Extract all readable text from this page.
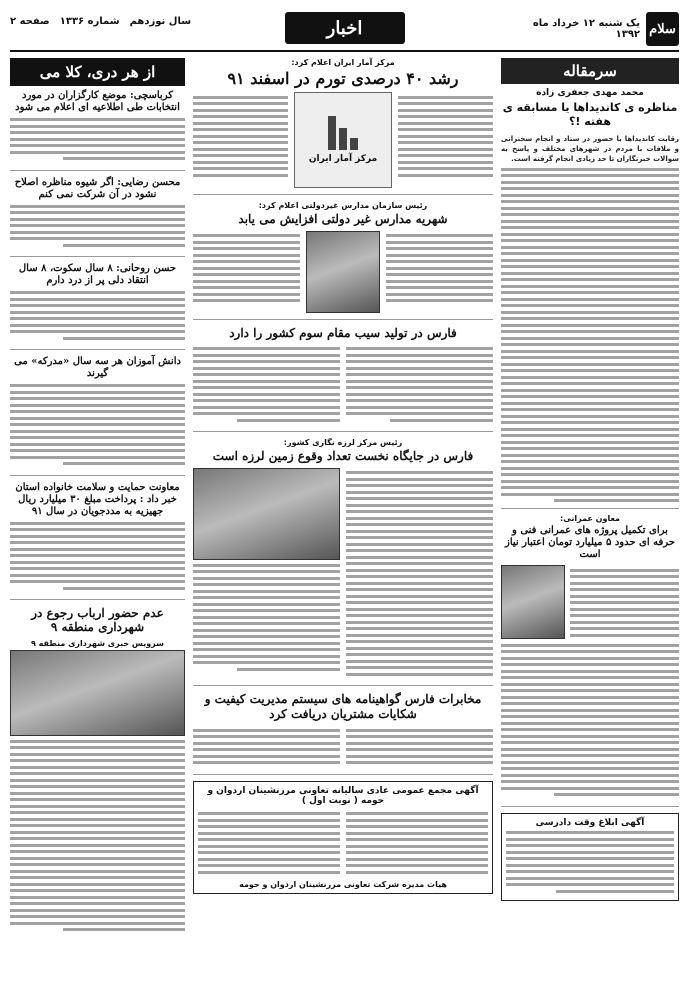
سلام
یک شنبه ۱۲ خرداد ماه ۱۳۹۲
اخبار
سال نوزدهم
شماره ۱۳۳۶
صفحه ۲
سرمقاله
محمد مهدی جعفری زاده
مناظره ی کاندیداها یا مسابقه ی هفته !؟

رقابت کاندیداها با حضور در ستاد و انجام سخنرانی و ملاقات با مردم در شهرهای مختلف و پاسخ به سوالات خبرنگاران تا حد زیادی انجام گرفته است.

معاون عمرانی:
برای تکمیل پروژه های عمرانی فنی و حرفه ای حدود ۵ میلیارد تومان اعتبار نیاز است
آگهی ابلاغ وقت دادرسی
مرکز آمار ایران اعلام کرد:
رشد ۴۰ درصدی تورم در اسفند ۹۱
مرکز آمار ایران
رئیس سازمان مدارس غیردولتی اعلام کرد:
شهریه مدارس غیر دولتی افزایش می یابد
فارس در تولید سیب مقام سوم کشور را دارد
رئیس مرکز لرزه نگاری کشور:
فارس در جایگاه نخست تعداد وقوع زمین لرزه است
مخابرات فارس گواهینامه های سیستم مدیریت کیفیت و شکایات مشتریان دریافت کرد
آگهی مجمع عمومی عادی سالیانه تعاونی مرزنشینان اردوان و حومه ( نوبت اول )
هیات مدیره شرکت تعاونی مرزنشینان اردوان و حومه
از هر دری، کلا می
کرباسچی: موضع کارگزاران در مورد انتخابات طی اطلاعیه ای اعلام می شود
محسن رضایی: اگر شیوه مناظره اصلاح نشود در آن شرکت نمی کنم
حسن روحانی: ۸ سال سکوت، ۸ سال انتقاد دلی پر از درد دارم
دانش آموزان هر سه سال «مدرکه» می گیرند
معاونت حمایت و سلامت خانواده استان خبر داد : پرداخت مبلغ ۳۰ میلیارد ریال جهیزیه به مددجویان در سال ۹۱
عدم حضور ارباب رجوع در شهرداری منطقه ۹
سرویس خبری شهرداری منطقه ۹
